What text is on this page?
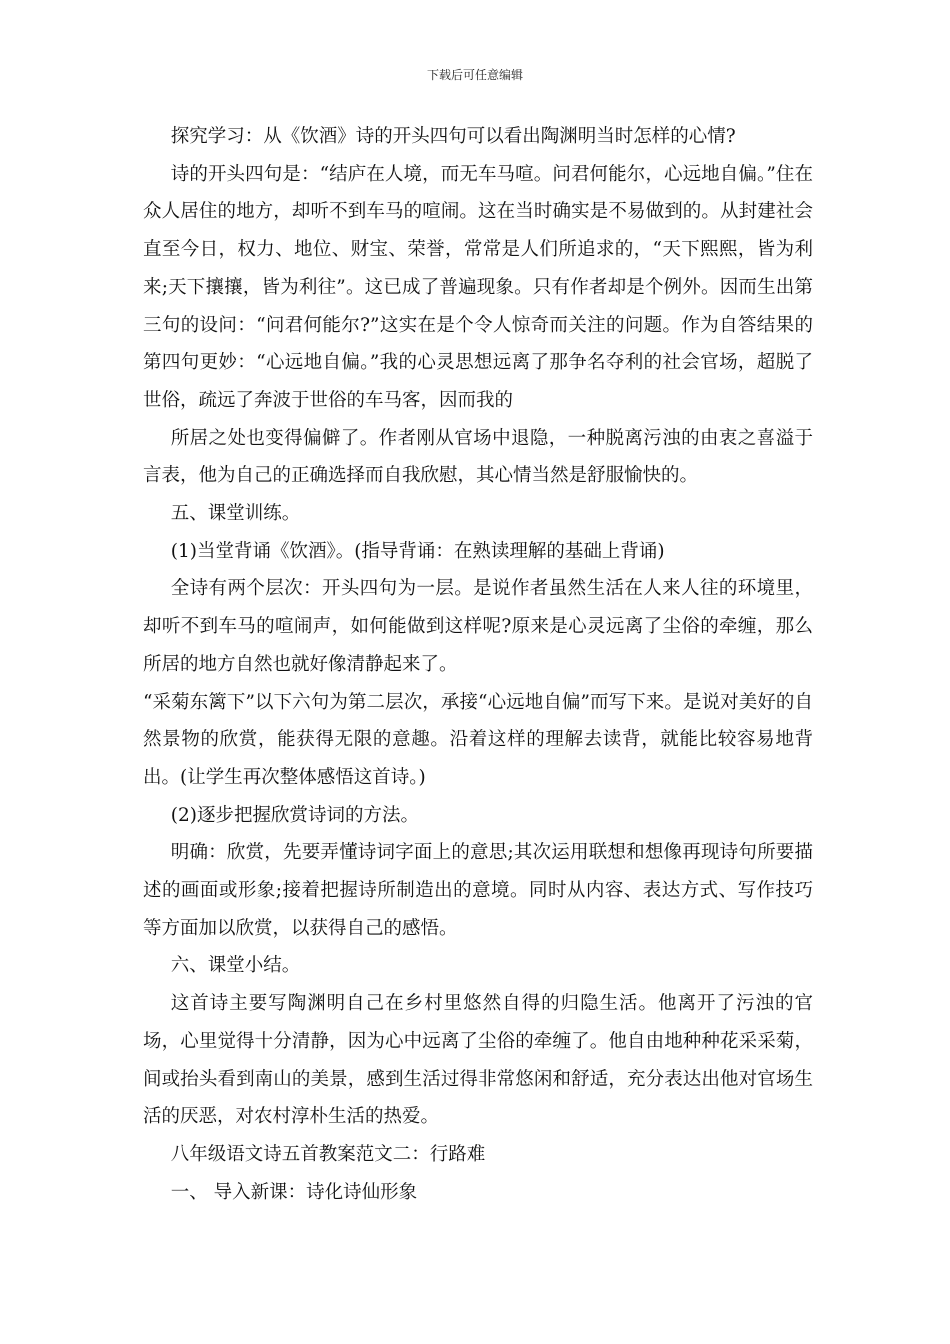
下载后可任意编辑

探究学习：从《饮酒》诗的开头四句可以看出陶渊明当时怎样的心情?

诗的开头四句是：“结庐在人境，而无车马喧。问君何能尔，心远地自偏。”住在众人居住的地方，却听不到车马的喧闹。这在当时确实是不易做到的。从封建社会直至今日，权力、地位、财宝、荣誉，常常是人们所追求的，“天下熙熙，皆为利来;天下攘攘，皆为利往”。这已成了普遍现象。只有作者却是个例外。因而生出第三句的设问：“问君何能尔?”这实在是个令人惊奇而关注的问题。作为自答结果的第四句更妙：“心远地自偏。”我的心灵思想远离了那争名夺利的社会官场，超脱了世俗，疏远了奔波于世俗的车马客，因而我的

所居之处也变得偏僻了。作者刚从官场中退隐，一种脱离污浊的由衷之喜溢于言表，他为自己的正确选择而自我欣慰，其心情当然是舒服愉快的。

五、课堂训练。

(1)当堂背诵《饮酒》。(指导背诵：在熟读理解的基础上背诵)

全诗有两个层次：开头四句为一层。是说作者虽然生活在人来人往的环境里，却听不到车马的喧闹声，如何能做到这样呢?原来是心灵远离了尘俗的牵缠，那么所居的地方自然也就好像清静起来了。

“采菊东篱下”以下六句为第二层次，承接“心远地自偏”而写下来。是说对美好的自然景物的欣赏，能获得无限的意趣。沿着这样的理解去读背，就能比较容易地背出。(让学生再次整体感悟这首诗。)

(2)逐步把握欣赏诗词的方法。

明确：欣赏，先要弄懂诗词字面上的意思;其次运用联想和想像再现诗句所要描述的画面或形象;接着把握诗所制造出的意境。同时从内容、表达方式、写作技巧等方面加以欣赏，以获得自己的感悟。

六、课堂小结。

这首诗主要写陶渊明自己在乡村里悠然自得的归隐生活。他离开了污浊的官场，心里觉得十分清静，因为心中远离了尘俗的牵缠了。他自由地种种花采采菊，间或抬头看到南山的美景，感到生活过得非常悠闲和舒适，充分表达出他对官场生活的厌恶，对农村淳朴生活的热爱。

八年级语文诗五首教案范文二：行路难

一、 导入新课：诗化诗仙形象
